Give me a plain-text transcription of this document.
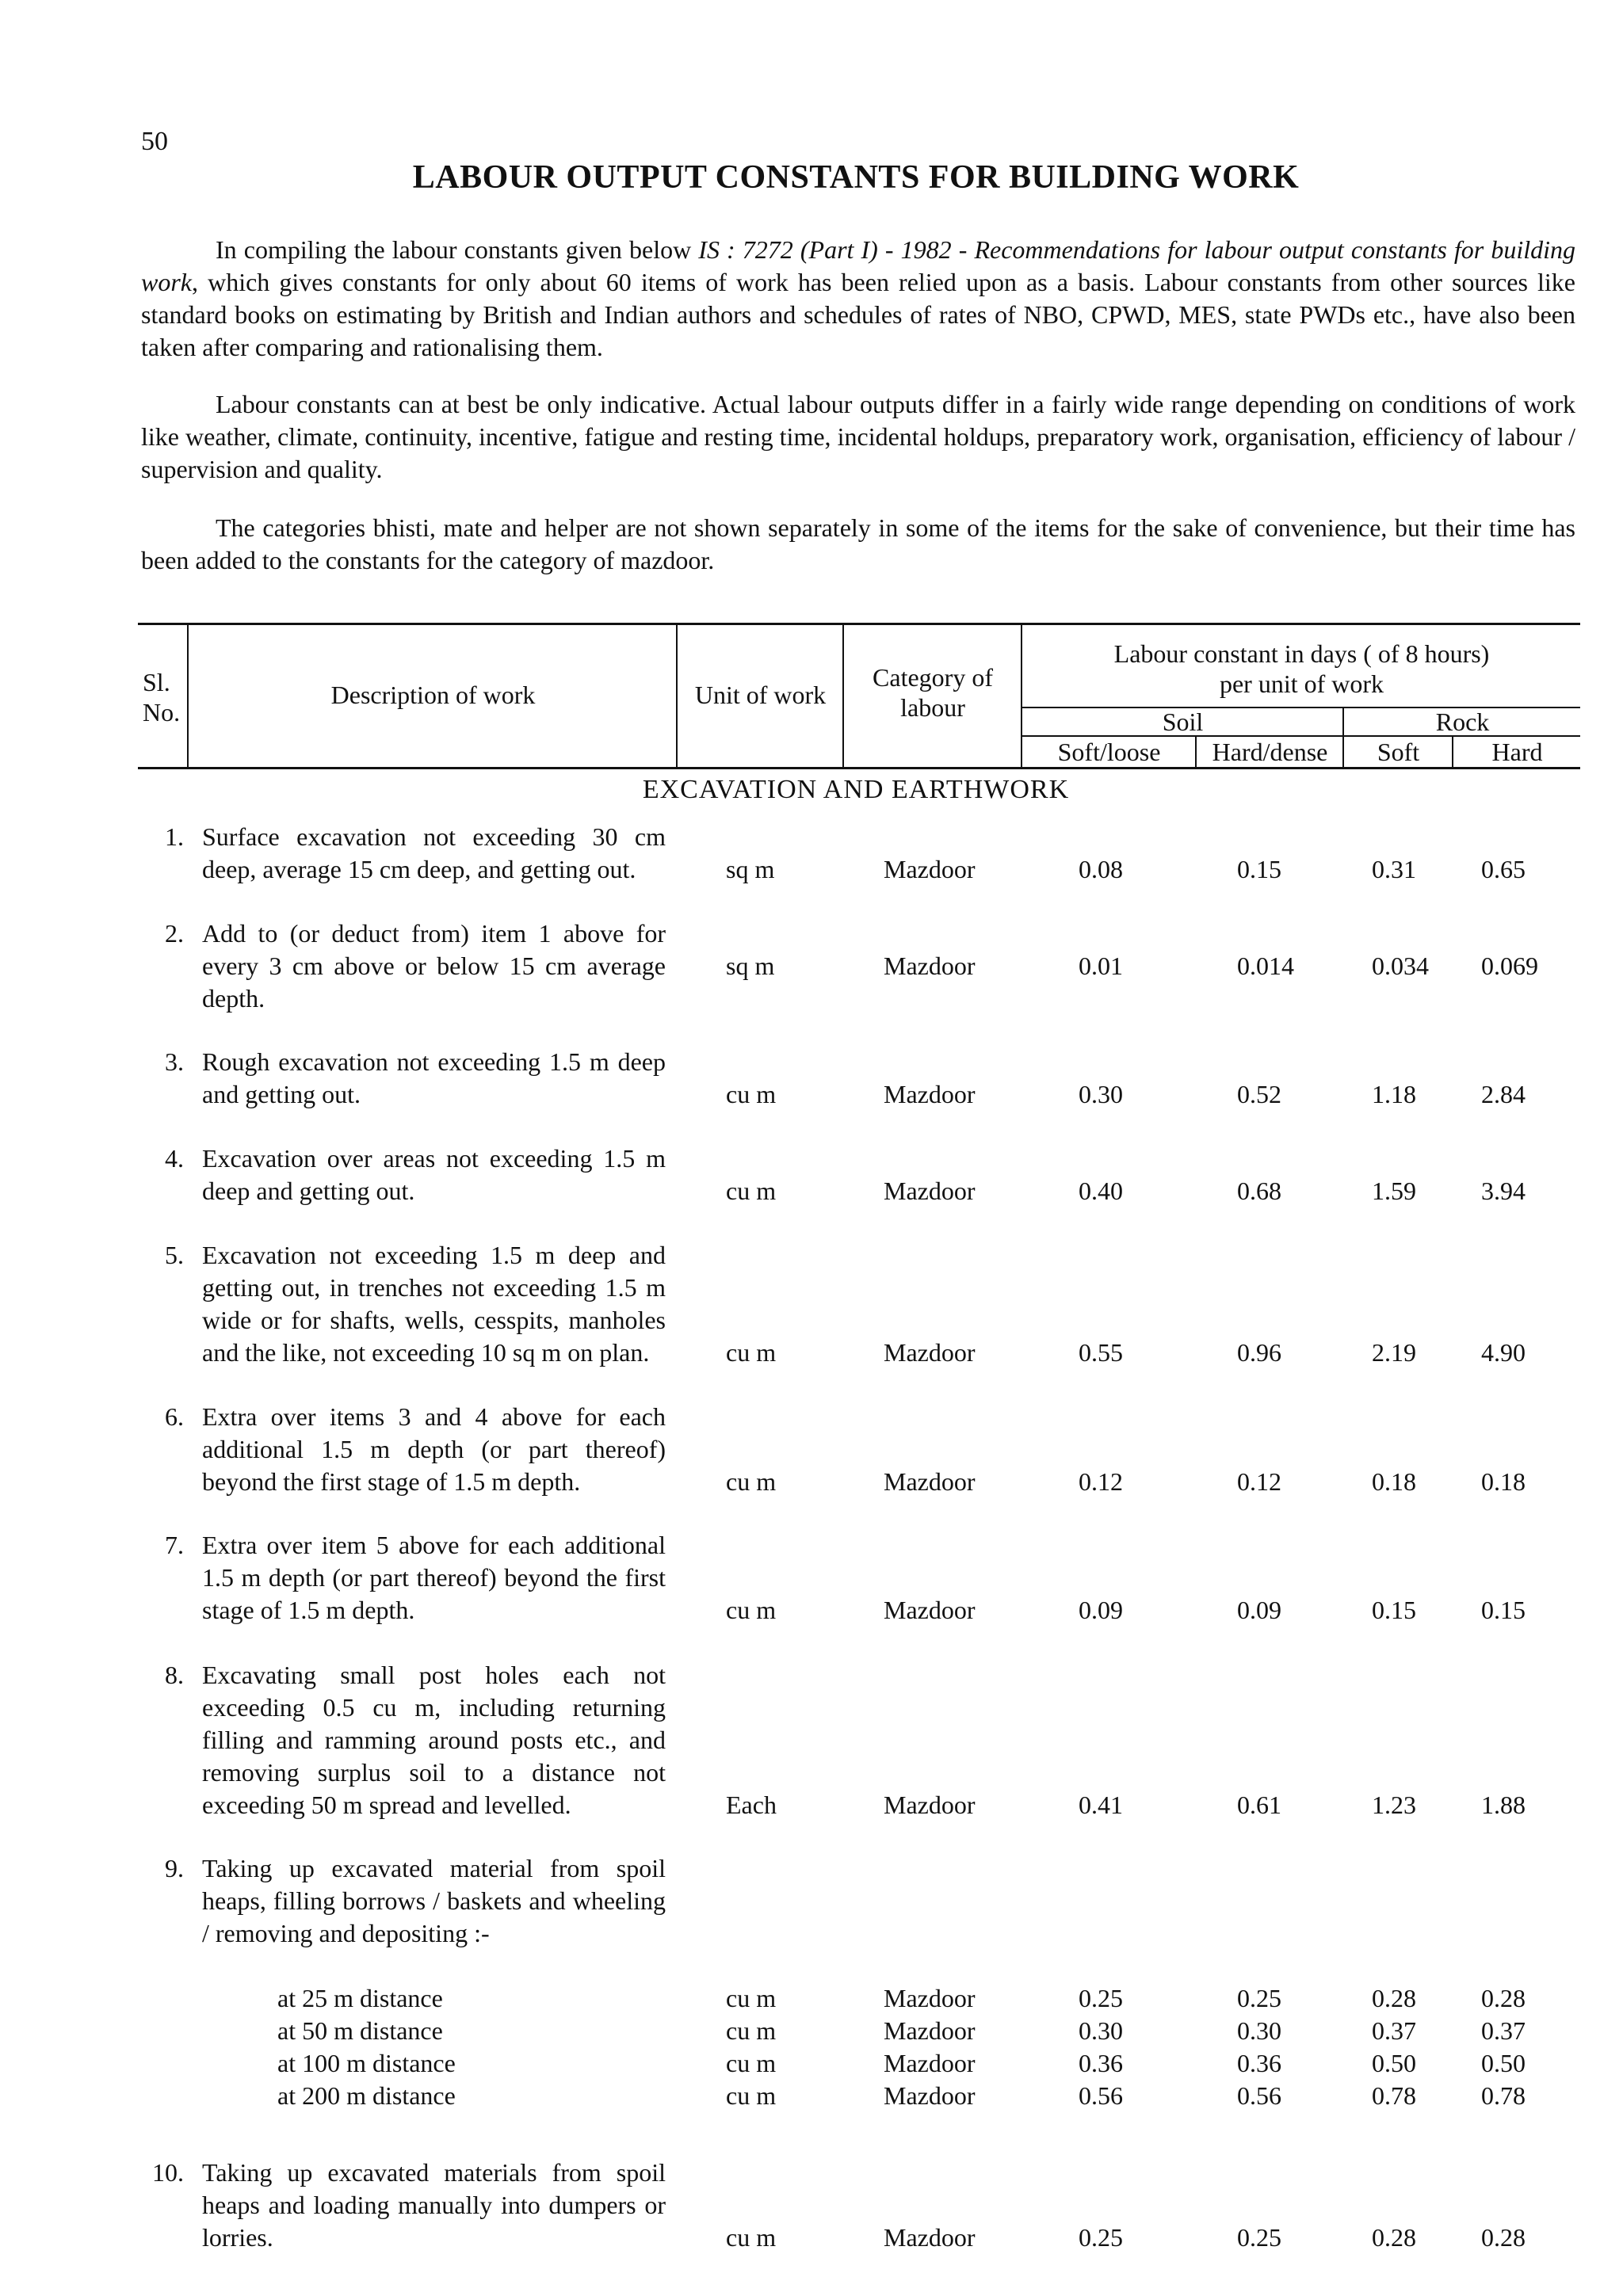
50
LABOUR OUTPUT CONSTANTS FOR BUILDING WORK
In compiling the labour constants given below IS : 7272 (Part I) - 1982 - Recommendations for labour output constants for building work, which gives constants for only about 60 items of work has been relied upon as a basis. Labour constants from other sources like standard books on estimating by British and Indian authors and schedules of rates of NBO, CPWD, MES, state PWDs etc., have also been taken after comparing and rationalising them.
Labour constants can at best be only indicative. Actual labour outputs differ in a fairly wide range depending on conditions of work like weather, climate, continuity, incentive, fatigue and resting time, incidental holdups, preparatory work, organisation, efficiency of labour / supervision and quality.
The categories bhisti, mate and helper are not shown separately in some of the items for the sake of convenience, but their time has been added to the constants for the category of mazdoor.
Sl.
No.
Description of work	Unit of work
Category of
labour
Labour constant in days ( of 8 hours)
per unit of work
Soil	Rock
Soft/loose	Hard/dense	Soft	Hard
EXCAVATION AND EARTHWORK
1. Surface excavation not exceeding 30 cm deep, average 15 cm deep, and getting out.	sq m	Mazdoor	0.08	0.15	0.31	0.65
2. Add to (or deduct from) item 1 above for every 3 cm above or below 15 cm average depth.
sq m	Mazdoor	0.01	0.014	0.034 0.069
3. Rough excavation not exceeding 1.5 m deep and getting out.	cu m	Mazdoor	0.30	0.52	1.18	2.84
4. Excavation over areas not exceeding 1.5 m deep and getting out.	cu m	Mazdoor	0.40	0.68	1.59	3.94
5. Excavation not exceeding 1.5 m deep and getting out, in trenches not exceeding 1.5 m wide or for shafts, wells, cesspits, manholes and the like, not exceeding 10 sq m on plan.	cu m	Mazdoor	0.55	0.96	2.19	4.90
6. Extra over items 3 and 4 above for each additional 1.5 m depth (or part thereof) beyond the first stage of 1.5 m depth.	cu m	Mazdoor	0.12	0.12	0.18	0.18
7. Extra over item 5 above for each additional 1.5 m depth (or part thereof) beyond the first stage of 1.5 m depth.	cu m	Mazdoor	0.09	0.09	0.15	0.15
8. Excavating small post holes each not exceeding 0.5 cu m, including returning filling and ramming around posts etc., and removing surplus soil to a distance not exceeding 50 m spread and levelled.	Each	Mazdoor	0.41	0.61	1.23	1.88
9. Taking up excavated material from spoil heaps, filling borrows / baskets and wheeling / removing and depositing :-
at 25 m distance	cu m	Mazdoor	0.25	0.25	0.28	0.28
at 50 m distance	cu m	Mazdoor	0.30	0.30	0.37	0.37
at 100 m distance	cu m	Mazdoor	0.36	0.36	0.50	0.50
at 200 m distance	cu m	Mazdoor	0.56	0.56	0.78	0.78
10. Taking up excavated materials from spoil heaps and loading manually into dumpers or lorries.	cu m	Mazdoor	0.25	0.25	0.28	0.28
